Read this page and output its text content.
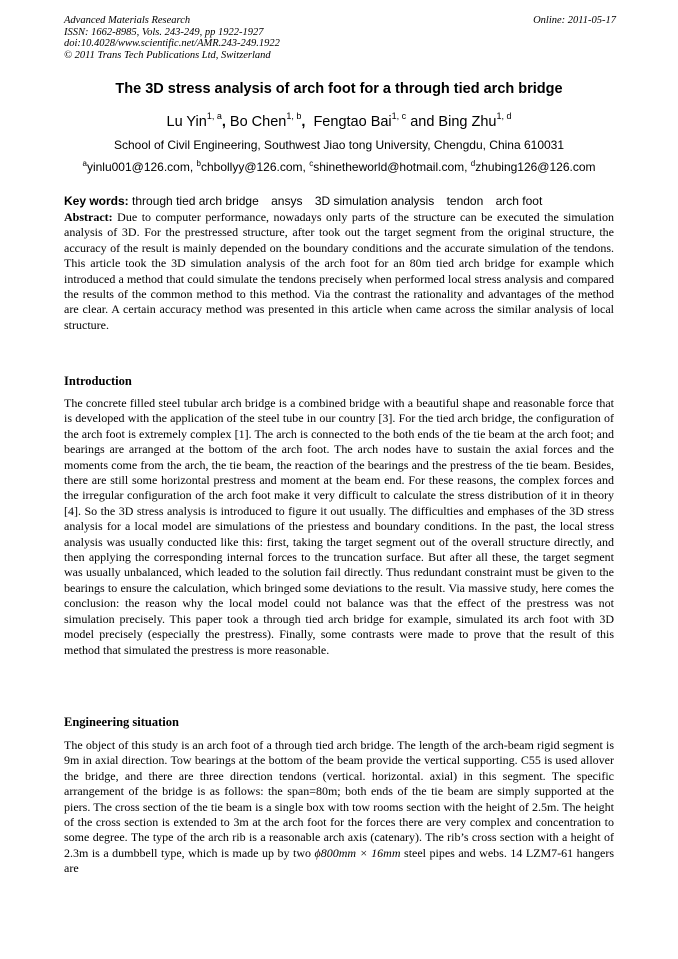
Advanced Materials Research
ISSN: 1662-8985, Vols. 243-249, pp 1922-1927
doi:10.4028/www.scientific.net/AMR.243-249.1922
© 2011 Trans Tech Publications Ltd, Switzerland
Online: 2011-05-17
The 3D stress analysis of arch foot for a through tied arch bridge
Lu Yin$^{1, a}$, Bo Chen$^{1, b}$,  Fengtao Bai$^{1, c}$ and Bing Zhu$^{1, d}$
School of Civil Engineering, Southwest Jiao tong University, Chengdu, China 610031
$^a$yinlu001@126.com, $^b$chbollyy@126.com, $^c$shinetheworld@hotmail.com, $^d$zhubing126@126.com
Key words: through tied arch bridge ansys 3D simulation analysis tendon arch foot
Abstract: Due to computer performance, nowadays only parts of the structure can be executed the simulation analysis of 3D. For the prestressed structure, after took out the target segment from the original structure, the accuracy of the result is mainly depended on the boundary conditions and the accurate simulation of the tendons. This article took the 3D simulation analysis of the arch foot for an 80m tied arch bridge for example which introduced a method that could simulate the tendons precisely when performed local stress analysis and compared the results of the common method to this method. Via the contrast the rationality and advantages of the method are clear. A certain accuracy method was presented in this article when came across the similar analysis of local structure.
Introduction
The concrete filled steel tubular arch bridge is a combined bridge with a beautiful shape and reasonable force that is developed with the application of the steel tube in our country [3]. For the tied arch bridge, the configuration of the arch foot is extremely complex [1]. The arch is connected to the both ends of the tie beam at the arch foot; and bearings are arranged at the bottom of the arch foot. The arch nodes have to sustain the axial forces and the moments come from the arch, the tie beam, the reaction of the bearings and the prestress of the tie beam. Besides, there are still some horizontal prestress and moment at the beam end. For these reasons, the complex forces and the irregular configuration of the arch foot make it very difficult to calculate the stress distribution of it in theory [4]. So the 3D stress analysis is introduced to figure it out usually. The difficulties and emphases of the 3D stress analysis for a local model are simulations of the priestess and boundary conditions. In the past, the local stress analysis was usually conducted like this: first, taking the target segment out of the overall structure directly, and then applying the corresponding internal forces to the truncation surface. But after all these, the target segment was usually unbalanced, which leaded to the solution fail directly. Thus redundant constraint must be given to the bearings to ensure the calculation, which bringed some deviations to the result. Via massive study, here comes the conclusion: the reason why the local model could not balance was that the effect of the prestress was not simulation precisely. This paper took a through tied arch bridge for example, simulated its arch foot with 3D model precisely (especially the prestress). Finally, some contrasts were made to prove that the result of this method that simulated the prestress is more reasonable.
Engineering situation
The object of this study is an arch foot of a through tied arch bridge. The length of the arch-beam rigid segment is 9m in axial direction. Tow bearings at the bottom of the beam provide the vertical supporting. C55 is used allover the bridge, and there are three direction tendons (vertical. horizontal. axial) in this segment. The specific arrangement of the bridge is as follows: the span=80m; both ends of the tie beam are simply supported at the piers. The cross section of the tie beam is a single box with tow rooms section with the height of 2.5m. The height of the cross section is extended to 3m at the arch foot for the forces there are very complex and concentration to some degree. The type of the arch rib is a reasonable arch axis (catenary). The rib’s cross section with a height of 2.3m is a dumbbell type, which is made up by two ϕ800mm × 16mm steel pipes and webs. 14 LZM7-61 hangers are
